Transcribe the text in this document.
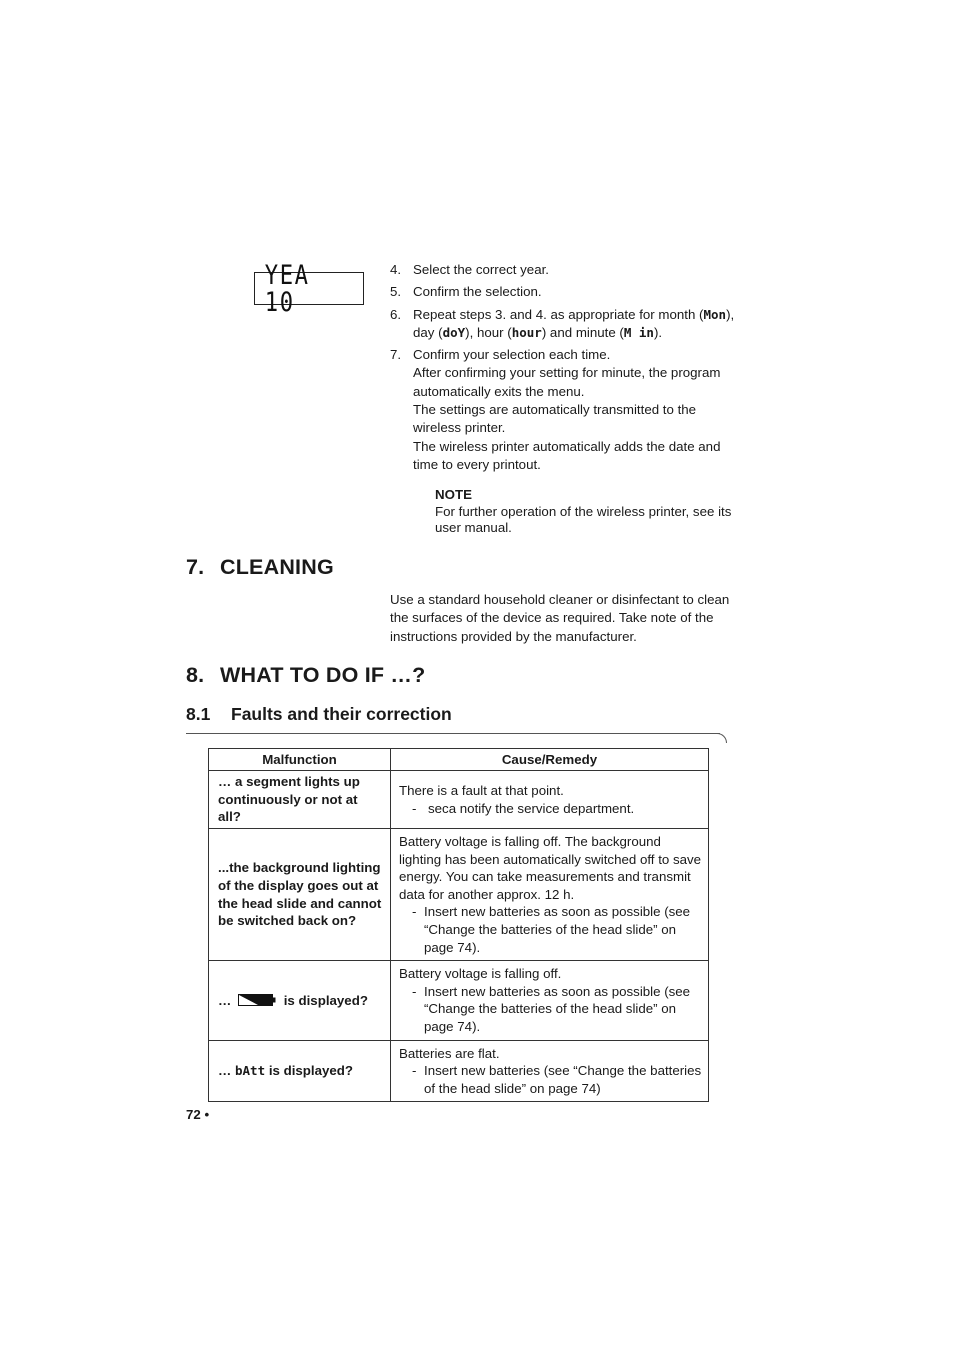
YEA 10
4. Select the correct year.
5. Confirm the selection.
6. Repeat steps 3. and 4. as appropriate for month (Mon), day (doY), hour (hour) and minute (M in).
7. Confirm your selection each time.
After confirming your setting for minute, the program automatically exits the menu.
The settings are automatically transmitted to the wireless printer.
The wireless printer automatically adds the date and time to every printout.
NOTE
For further operation of the wireless printer, see its user manual.
7. CLEANING
Use a standard household cleaner or disinfectant to clean the surfaces of the device as required. Take note of the instructions provided by the manufacturer.
8. WHAT TO DO IF …?
8.1 Faults and their correction
Malfunction	Cause/Remedy
… a segment lights up continuously or not at all?	There is a fault at that point.
- seca notify the service department.

...the background lighting of the display goes out at the head slide and cannot be switched back on?	Battery voltage is falling off. The background lighting has been automatically switched off to save energy. You can take measurements and transmit data for another approx. 12 h.
- Insert new batteries as soon as possible (see “Change the batteries of the head slide” on page 74).

… is displayed?	Battery voltage is falling off.
- Insert new batteries as soon as possible (see “Change the batteries of the head slide” on page 74).

… bAtt is displayed?	Batteries are flat.
- Insert new batteries (see “Change the batteries of the head slide” on page 74)
72 •
